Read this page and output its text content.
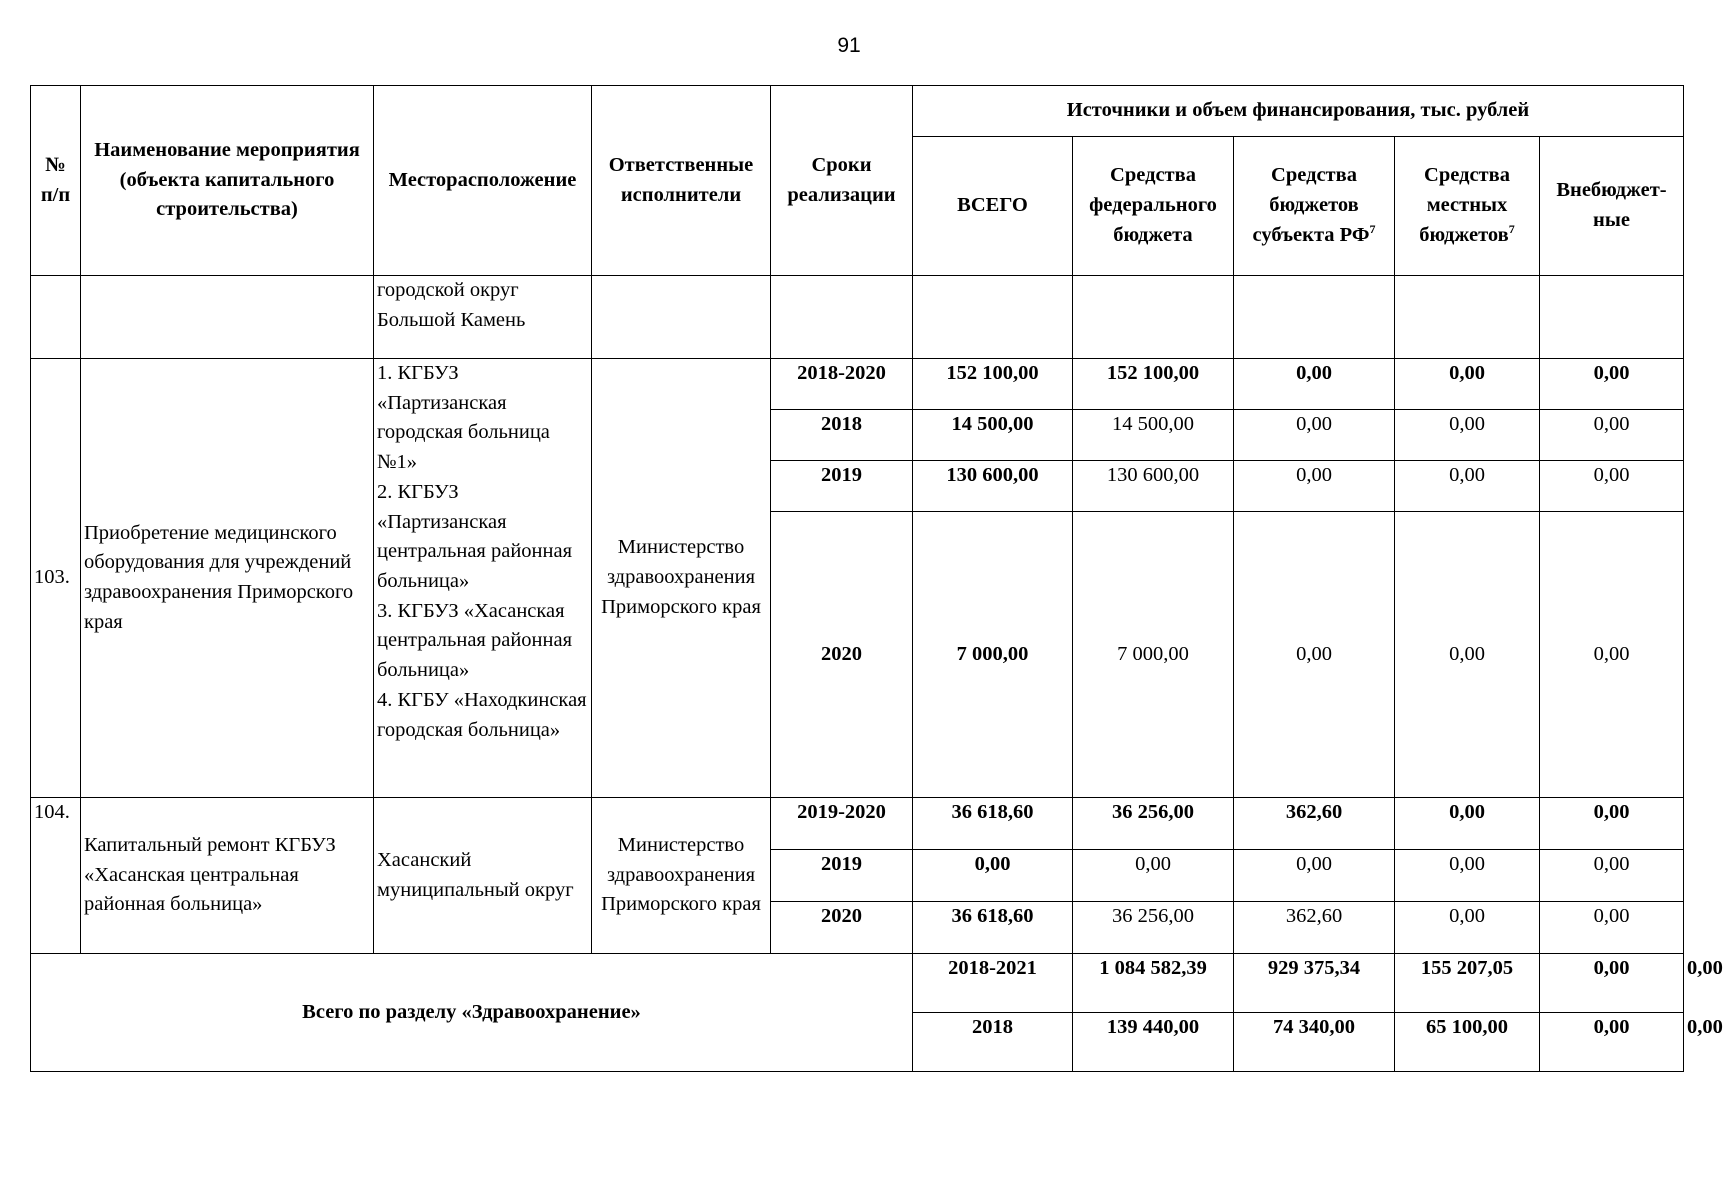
91
№ п/п	Наименование мероприятия (объекта капитального строительства)	Месторасположение	Ответственные исполнители	Сроки реализации	Источники и объем финансирования, тыс. рублей					
					ВСЕГО	Средства федерального бюджета	Средства бюджетов субъекта $РФ^7$	Средства местных бюджетов$^7$	Внебюджет-ные	
		городской округ Большой Камень								
103.	Приобретение медицинского оборудования для учреждений здравоохранения Приморского края	1. КГБУЗ «Партизанская городская больница №1»
2. КГБУЗ «Партизанская центральная районная больница»
3. КГБУЗ «Хасанская центральная районная больница»
4. КГБУ «Находкинская городская больница»	Министерство здравоохранения Приморского края	2018-2020	152 100,00	152 100,00	0,00	0,00	0,00	
				2018	14 500,00	14 500,00	0,00	0,00	0,00	
				2019	130 600,00	130 600,00	0,00	0,00	0,00	
				2020	7 000,00	7 000,00	0,00	0,00	0,00	
104.	Капитальный ремонт КГБУЗ «Хасанская центральная районная больница»	Хасанский муниципальный округ	Министерство здравоохранения Приморского края	2019-2020	36 618,60	36 256,00	362,60	0,00	0,00	
				2019	0,00	0,00	0,00	0,00	0,00	
				2020	36 618,60	36 256,00	362,60	0,00	0,00	
Всего по разделу «Здравоохранение»					2018-2021	1 084 582,39	929 375,34	155 207,05	0,00	0,00
					2018	139 440,00	74 340,00	65 100,00	0,00	0,00
